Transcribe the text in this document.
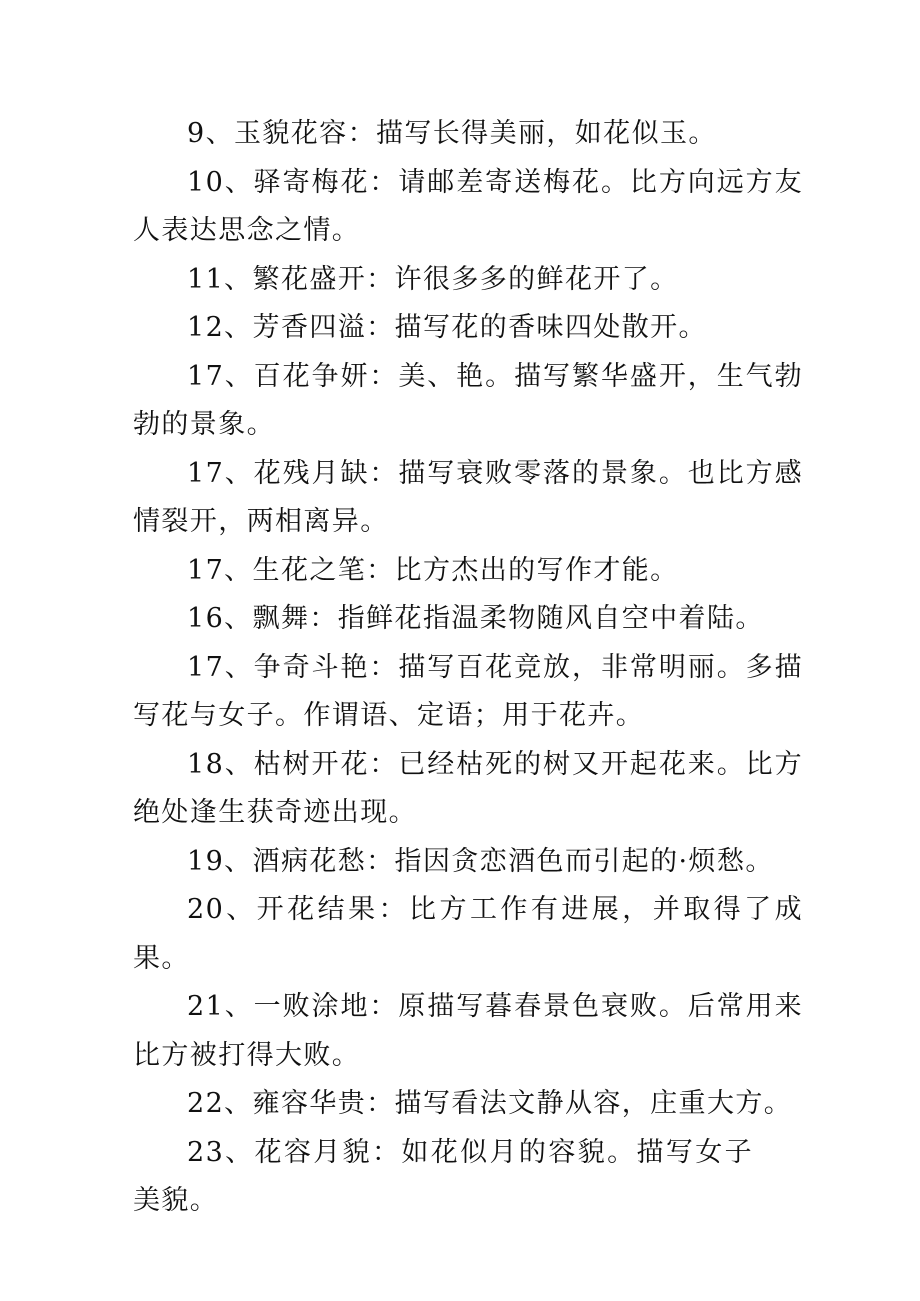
9、玉貌花容：描写长得美丽，如花似玉。

10、驿寄梅花：请邮差寄送梅花。比方向远方友人表达思念之情。

11、繁花盛开：许很多多的鲜花开了。

12、芳香四溢：描写花的香味四处散开。

17、百花争妍：美、艳。描写繁华盛开，生气勃勃的景象。

17、花残月缺：描写衰败零落的景象。也比方感情裂开，两相离异。

17、生花之笔：比方杰出的写作才能。

16、飘舞：指鲜花指温柔物随风自空中着陆。

17、争奇斗艳：描写百花竞放，非常明丽。多描写花与女子。作谓语、定语；用于花卉。

18、枯树开花：已经枯死的树又开起花来。比方绝处逢生获奇迹出现。

19、酒病花愁：指因贪恋酒色而引起的·烦愁。

20、开花结果：比方工作有进展，并取得了成果。

21、一败涂地：原描写暮春景色衰败。后常用来比方被打得大败。

22、雍容华贵：描写看法文静从容，庄重大方。

23、花容月貌：如花似月的容貌。描写女子美貌。
